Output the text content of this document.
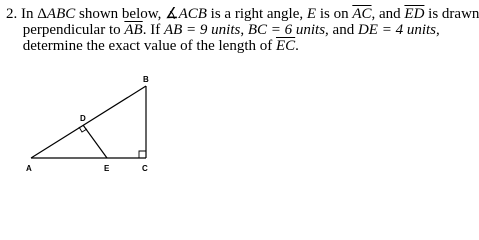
2. In ΔABC shown below, ∡ACB is a right angle, E is on $\overline{AC}$, and $\overline{ED}$ is drawn
perpendicular to $\overline{AB}$. If AB = 9 units, BC = 6 units, and DE = 4 units,
determine the exact value of the length of $\overline{EC}$.
B
D
A	E	C
